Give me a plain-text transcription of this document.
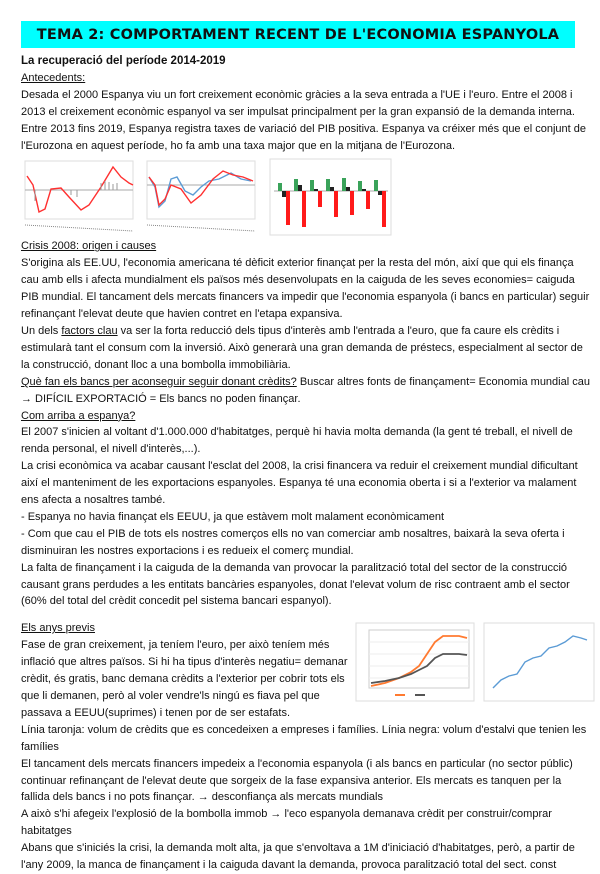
TEMA 2: COMPORTAMENT RECENT DE L'ECONOMIA ESPANYOLA

La recuperació del període 2014-2019

Antecedents:

Desada el 2000 Espanya viu un fort creixement econòmic gràcies a la seva entrada a l'UE i l'euro. Entre el 2008 i 2013 el creixement econòmic espanyol va ser impulsat principalment per la gran expansió de la demanda interna. Entre 2013 fins 2019, Espanya registra taxes de variació del PIB positiva. Espanya va créixer més que el conjunt de l'Eurozona en aquest període, ho fa amb una taxa major que en la mitjana de l'Eurozona.

Crisis 2008: origen i causes

S'origina als EE.UU, l'economia americana té dèficit exterior finançat per la resta del món, així que qui els finança cau amb ells i afecta mundialment els països més desenvolupats en la caiguda de les seves economies= caiguda PIB mundial. El tancament dels mercats financers va impedir que l'economia espanyola (i bancs en particular) seguir refinançant l'elevat deute que havien contret en l'etapa expansiva.

Un dels factors clau va ser la forta reducció dels tipus d'interès amb l'entrada a l'euro, que fa caure els crèdits i estimularà tant el consum com la inversió. Això generarà una gran demanda de préstecs, especialment al sector de la construcció, donant lloc a una bombolla immobiliària.

Què fan els bancs per aconseguir seguir donant crèdits? Buscar altres fonts de finançament= Economia mundial cau → DIFÍCIL EXPORTACIÓ = Els bancs no poden finançar.

Com arriba a espanya?

El 2007 s'inicien al voltant d'1.000.000 d'habitatges, perquè hi havia molta demanda (la gent té treball, el nivell de renda personal, el nivell d'interès,...).

La crisi econòmica va acabar causant l'esclat del 2008, la crisi financera va reduir el creixement mundial dificultant així el manteniment de les exportacions espanyoles. Espanya té una economia oberta i si a l'exterior va malament ens afecta a nosaltres també.

- Espanya no havia finançat els EEUU, ja que estàvem molt malament econòmicament

- Com que cau el PIB de tots els nostres comerços ells no van comerciar amb nosaltres, baixarà la seva oferta i disminuiran les nostres exportacions i es redueix el comerç mundial.

La falta de finançament i la caiguda de la demanda van provocar la paralització total del sector de la construcció causant grans perdudes a les entitats bancàries espanyoles, donat l'elevat volum de risc contraent amb el sector (60% del total del crèdit concedit pel sistema bancari espanyol).

Els anys previs

Fase de gran creixement, ja teníem l'euro, per això teníem més inflació que altres països. Si hi ha tipus d'interès negatiu= demanar crèdit, és gratis, banc demana crèdits a l'exterior per cobrir tots els que li demanen, però al voler vendre'ls ningú es fiava pel que passava a EEUU(suprimes) i tenen por de ser estafats.

Línia taronja: volum de crèdits que es concedeixen a empreses i famílies. Línia negra: volum d'estalvi que tenien les famílies

El tancament dels mercats financers impedeix a l'economia espanyola (i als bancs en particular (no sector públic) continuar refinançant de l'elevat deute que sorgeix de la fase expansiva anterior. Els mercats es tanquen per la fallida dels bancs i no pots finançar. → desconfiança als mercats mundials

A això s'hi afegeix l'explosió de la bombolla immob → l'eco espanyola demanava crèdit per construir/comprar habitatges

Abans que s'iniciés la crisi, la demanda molt alta, ja que s'envoltava a 1M d'iniciació d'habitatges, però, a partir de l'any 2009, la manca de finançament i la caiguda davant la demanda, provoca paralització total del sect. const
